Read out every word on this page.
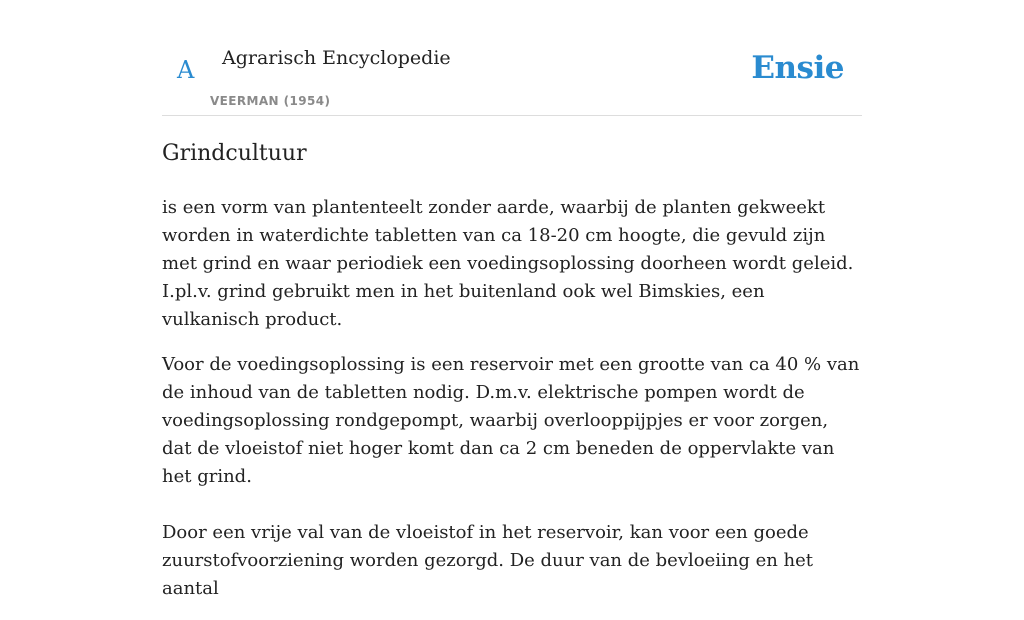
A Agrarisch Encyclopedie
VEERMAN (1954)
Ensie
Grindcultuur

is een vorm van plantenteelt zonder aarde, waarbij de planten gekweekt worden in waterdichte tabletten van ca 18-20 cm hoogte, die gevuld zijn met grind en waar periodiek een voedingsoplossing doorheen wordt geleid. I.pl.v. grind gebruikt men in het buitenland ook wel Bimskies, een vulkanisch product.

Voor de voedingsoplossing is een reservoir met een grootte van ca 40 % van de inhoud van de tabletten nodig. D.m.v. elektrische pompen wordt de voedingsoplossing rondgepompt, waarbij overlooppijpjes er voor zorgen, dat de vloeistof niet hoger komt dan ca 2 cm beneden de oppervlakte van het grind.

Door een vrije val van de vloeistof in het reservoir, kan voor een goede zuurstofvoorziening worden gezorgd. De duur van de bevloeiing en het aantal
